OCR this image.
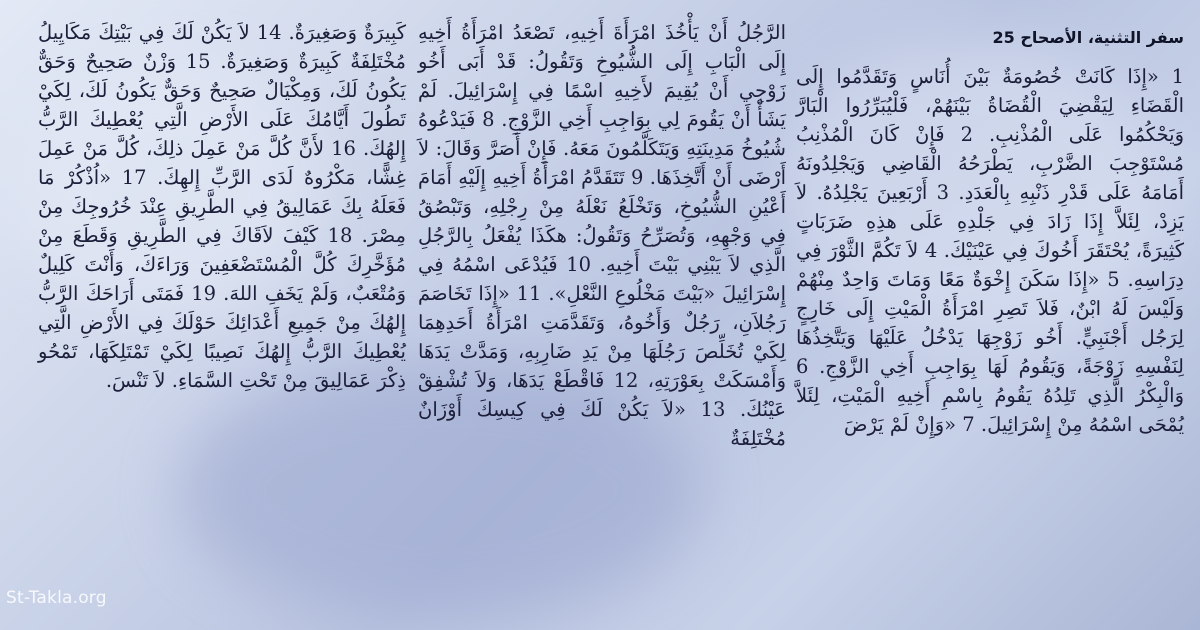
سفر التثنية، الأصحاح 25
1 «إِذَا كَانَتْ خُصُومَةٌ بَيْنَ أُنَاسٍ وَتَقَدَّمُوا إِلَى الْقَضَاءِ لِيَقْضِيَ الْقُضَاةُ بَيْنَهُمْ، فَلْيُبَرِّرُوا الْبَارَّ وَيَحْكُمُوا عَلَى الْمُذْنِبِ. 2 فَإِنْ كَانَ الْمُذْنِبُ مُسْتَوْجِبَ الضَّرْبِ، يَطْرَحُهُ الْقَاضِي وَيَجْلِدُونَهُ أَمَامَهُ عَلَى قَدْرِ ذَنْبِهِ بِالْعَدَدِ. 3 أَرْبَعِينَ يَجْلِدُهُ. لاَ يَزِدْ، لِئَلاَّ إِذَا زَادَ فِي جَلْدِهِ عَلَى هذِهِ ضَرَبَاتٍ كَثِيرَةً، يُحْتَقَرَ أَخُوكَ فِي عَيْنَيْكَ. 4 لاَ تَكُمَّ الثَّوْرَ فِي دِرَاسِهِ. 5 «إِذَا سَكَنَ إِخْوَةٌ مَعًا وَمَاتَ وَاحِدٌ مِنْهُمْ وَلَيْسَ لَهُ ابْنٌ، فَلاَ تَصِرِ امْرَأَةُ الْمَيْتِ إِلَى خَارِجٍ لِرَجُل أَجْنَبِيٍّ. أَخُو زَوْجِهَا يَدْخُلُ عَلَيْهَا وَيَتَّخِذُهَا لِنَفْسِهِ زَوْجَةً، وَيَقُومُ لَهَا بِوَاجِبِ أَخِي الزَّوْجِ. 6 وَالْبِكْرُ الَّذِي تَلِدُهُ يَقُومُ بِاسْمِ أَخِيهِ الْمَيْتِ، لِئَلاَّ يُمْحَى اسْمُهُ مِنْ إِسْرَائِيلَ. 7 «وَإِنْ لَمْ يَرْضَ
الرَّجُلُ أَنْ يَأْخُذَ امْرَأَةَ أَخِيهِ، تَصْعَدُ امْرَأَةُ أَخِيهِ إِلَى الْبَابِ إِلَى الشُّيُوخِ وَتَقُولُ: قَدْ أَبَى أَخُو زَوْجِي أَنْ يُقِيمَ لأَخِيهِ اسْمًا فِي إِسْرَائِيلَ. لَمْ يَشَأْ أَنْ يَقُومَ لِي بِوَاجِبِ أَخِي الزَّوْجِ. 8 فَيَدْعُوهُ شُيُوخُ مَدِينَتِهِ وَيَتَكَلَّمُونَ مَعَهُ. فَإِنْ أَصَرَّ وَقَالَ: لاَ أَرْضَى أَنْ أَتَّخِذَهَا. 9 تَتَقَدَّمُ امْرَأَةُ أَخِيهِ إِلَيْهِ أَمَامَ أَعْيُنِ الشُّيُوخِ، وَتَخْلَعُ نَعْلَهُ مِنْ رِجْلِهِ، وَتَبْصُقُ فِي وَجْهِهِ، وَتُصَرِّحُ وَتَقُولُ: هكَذَا يُفْعَلُ بِالرَّجُلِ الَّذِي لاَ يَبْنِي بَيْتَ أَخِيهِ. 10 فَيُدْعَى اسْمُهُ فِي إِسْرَائِيلَ «بَيْتَ مَخْلُوعِ النَّعْلِ». 11 «إِذَا تَخَاصَمَ رَجُلاَنِ، رَجُلٌ وَأَخُوهُ، وَتَقَدَّمَتِ امْرَأَةُ أَحَدِهِمَا لِكَيْ تُخَلِّصَ رَجُلَهَا مِنْ يَدِ ضَارِبِهِ، وَمَدَّتْ يَدَهَا وَأَمْسَكَتْ بِعَوْرَتِهِ، 12 فَاقْطَعْ يَدَهَا، وَلاَ تُشْفِقْ عَيْنُكَ. 13 «لاَ يَكُنْ لَكَ فِي كِيسِكَ أَوْزَانٌ مُخْتَلِفَةٌ
كَبِيرَةٌ وَصَغِيرَةٌ. 14 لاَ يَكُنْ لَكَ فِي بَيْتِكَ مَكَايِيلُ مُخْتَلِفَةٌ كَبِيرَةٌ وَصَغِيرَةٌ. 15 وَزْنٌ صَحِيحٌ وَحَقٌّ يَكُونُ لَكَ، وَمِكْيَالٌ صَحِيحٌ وَحَقٌّ يَكُونُ لَكَ، لِكَيْ تَطُولَ أَيَّامُكَ عَلَى الأَرْضِ الَّتِي يُعْطِيكَ الرَّبُّ إِلهُكَ. 16 لأَنَّ كُلَّ مَنْ عَمِلَ ذلِكَ، كُلَّ مَنْ عَمِلَ غِشًّا، مَكْرُوهٌ لَدَى الرَّبِّ إِلهِكَ. 17 «اُذْكُرْ مَا فَعَلَهُ بِكَ عَمَالِيقُ فِي الطَّرِيقِ عِنْدَ خُرُوجِكَ مِنْ مِصْرَ. 18 كَيْفَ لاَقَاكَ فِي الطَّرِيقِ وَقَطَعَ مِنْ مُؤَخَّرِكَ كُلَّ الْمُسْتَضْعَفِينَ وَرَاءَكَ، وَأَنْتَ كَلِيلٌ وَمُتْعَبٌ، وَلَمْ يَخَفِ اللهَ. 19 فَمَتَى أَرَاحَكَ الرَّبُّ إِلهُكَ مِنْ جَمِيعِ أَعْدَائِكَ حَوْلَكَ فِي الأَرْضِ الَّتِي يُعْطِيكَ الرَّبُّ إِلهُكَ نَصِيبًا لِكَيْ تَمْتَلِكَهَا، تَمْحُو ذِكْرَ عَمَالِيقَ مِنْ تَحْتِ السَّمَاءِ. لاَ تَنْسَ.
St-Takla.org
